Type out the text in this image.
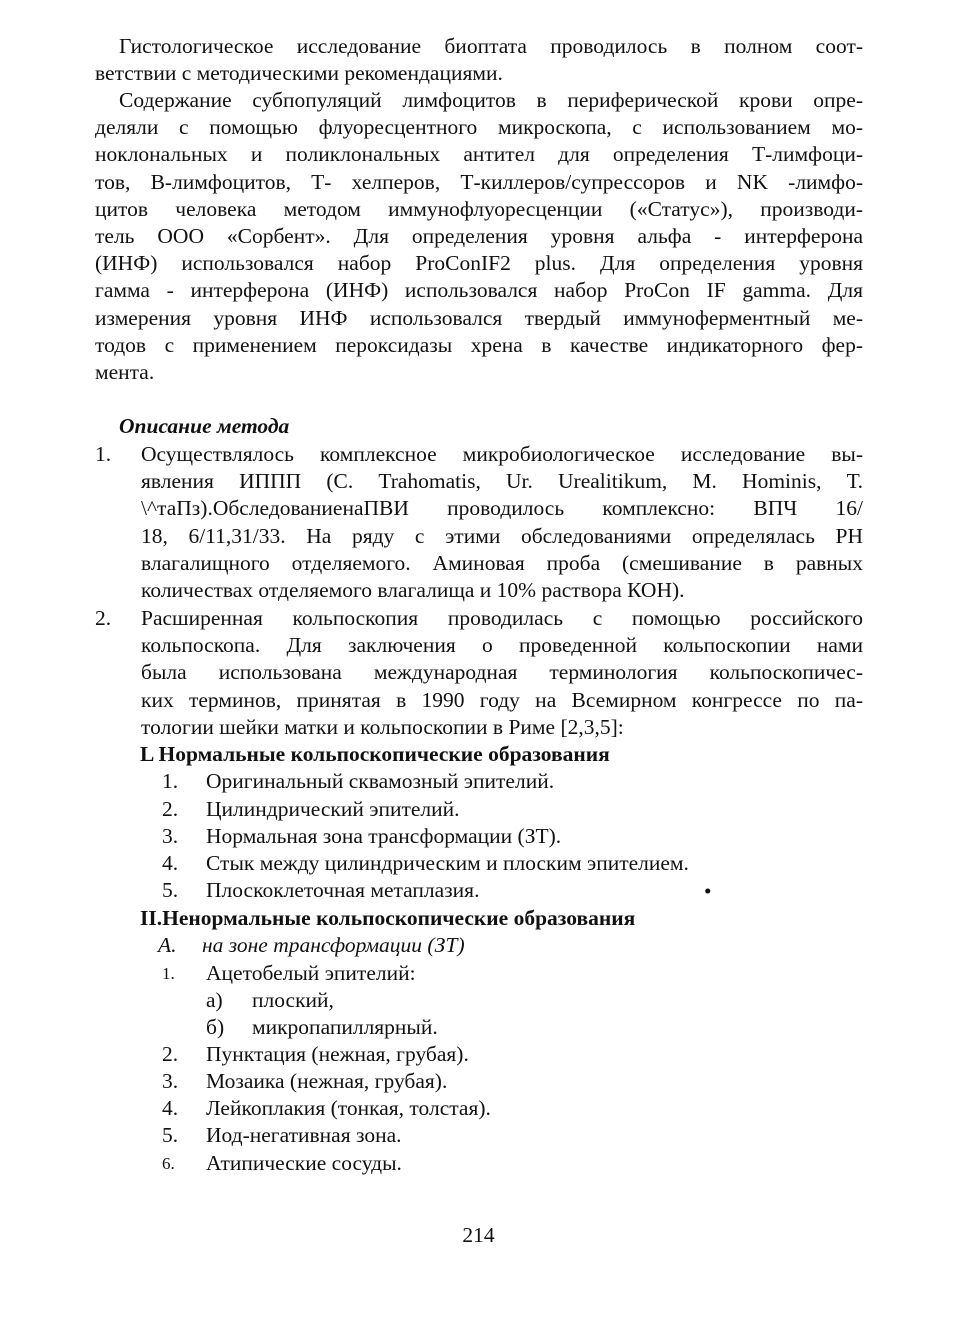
Гистологическое исследование биоптата проводилось в полном соот-
ветствии с методическими рекомендациями.
Содержание субпопуляций лимфоцитов в периферической крови опре-
деляли с помощью флуоресцентного микроскопа, с использованием мо-
ноклональных и поликлональных антител для определения Т-лимфоци-
тов, В-лимфоцитов, Т- хелперов, Т-киллеров/супрессоров и NK -лимфо-
цитов человека методом иммунофлуоресценции («Статус»), производи-
тель ООО «Сорбент». Для определения уровня альфа - интерферона
(ИНФ) использовался набор ProConIF2 plus. Для определения уровня
гамма - интерферона (ИНФ) использовался набор ProCon IF gamma. Для
измерения уровня ИНФ использовался твердый иммуноферментный ме-
тодов с применением пероксидазы хрена в качестве индикаторного фер-
мента.

Описание метода

1. Осуществлялось комплексное микробиологическое исследование вы-
явления ИППП (С. Trahomatis, Ur. Urealitikum, M. Hominis, Т.
\^таПз).ОбследованиенаПВИ проводилось комплексно: ВПЧ 16/
18, 6/11,31/33. На ряду с этими обследованиями определялась PH
влагалищного отделяемого. Аминовая проба (смешивание в равных
количествах отделяемого влагалища и 10% раствора КОН).
2. Расширенная кольпоскопия проводилась с помощью российского
кольпоскопа. Для заключения о проведенной кольпоскопии нами
была использована международная терминология кольпоскопичес-
ких терминов, принятая в 1990 году на Всемирном конгрессе по па-
тологии шейки матки и кольпоскопии в Риме [2,3,5]:

L Нормальные кольпоскопические образования

1.	Оригинальный сквамозный эпителий.
2.	Цилиндрический эпителий.
3.	Нормальная зона трансформации (ЗТ).
4.	Стык между цилиндрическим и плоским эпителием.
5.	Плоскоклеточная метаплазия.	•

II.Ненормальные кольпоскопические образования

А.	на зоне трансформации (ЗТ)
1.	Ацетобелый эпителий:
а) плоский,
б) микропапиллярный.
2.	Пунктация (нежная, грубая).
3.	Мозаика (нежная, грубая).
4.	Лейкоплакия (тонкая, толстая).
5.	Иод-негативная зона.
6.	Атипические сосуды.
214
